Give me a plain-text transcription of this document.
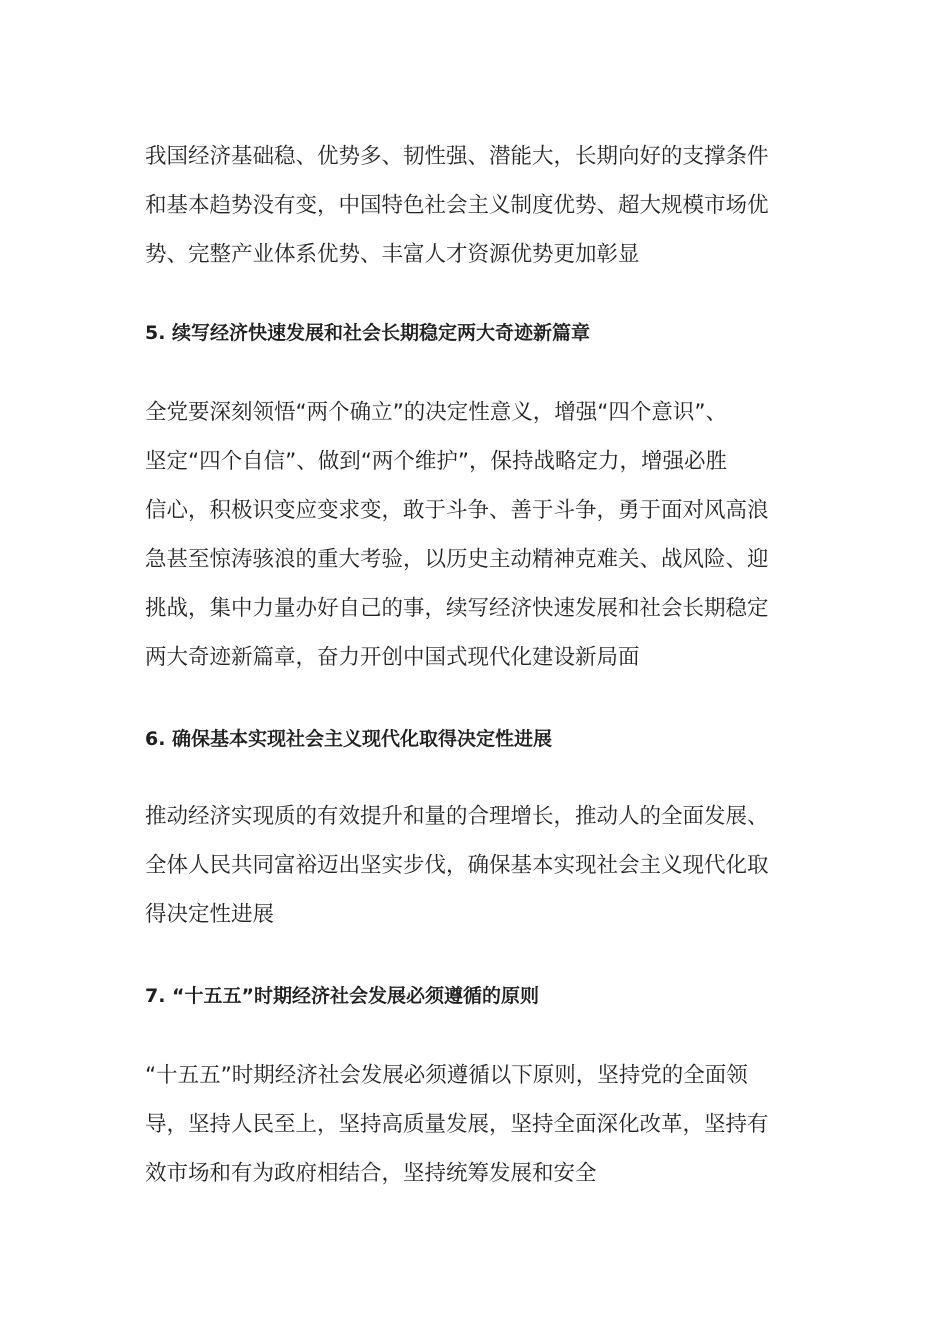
我国经济基础稳、优势多、韧性强、潜能大，长期向好的支撑条件
和基本趋势没有变，中国特色社会主义制度优势、超大规模市场优
势、完整产业体系优势、丰富人才资源优势更加彰显
5. 续写经济快速发展和社会长期稳定两大奇迹新篇章
全党要深刻领悟“两个确立”的决定性意义，增强“四个意识”、
坚定“四个自信”、做到“两个维护”，保持战略定力，增强必胜
信心，积极识变应变求变，敢于斗争、善于斗争，勇于面对风高浪
急甚至惊涛骇浪的重大考验，以历史主动精神克难关、战风险、迎
挑战，集中力量办好自己的事，续写经济快速发展和社会长期稳定
两大奇迹新篇章，奋力开创中国式现代化建设新局面
6. 确保基本实现社会主义现代化取得决定性进展
推动经济实现质的有效提升和量的合理增长，推动人的全面发展、
全体人民共同富裕迈出坚实步伐，确保基本实现社会主义现代化取
得决定性进展
7. “十五五”时期经济社会发展必须遵循的原则
“十五五”时期经济社会发展必须遵循以下原则，坚持党的全面领
导，坚持人民至上，坚持高质量发展，坚持全面深化改革，坚持有
效市场和有为政府相结合，坚持统筹发展和安全
